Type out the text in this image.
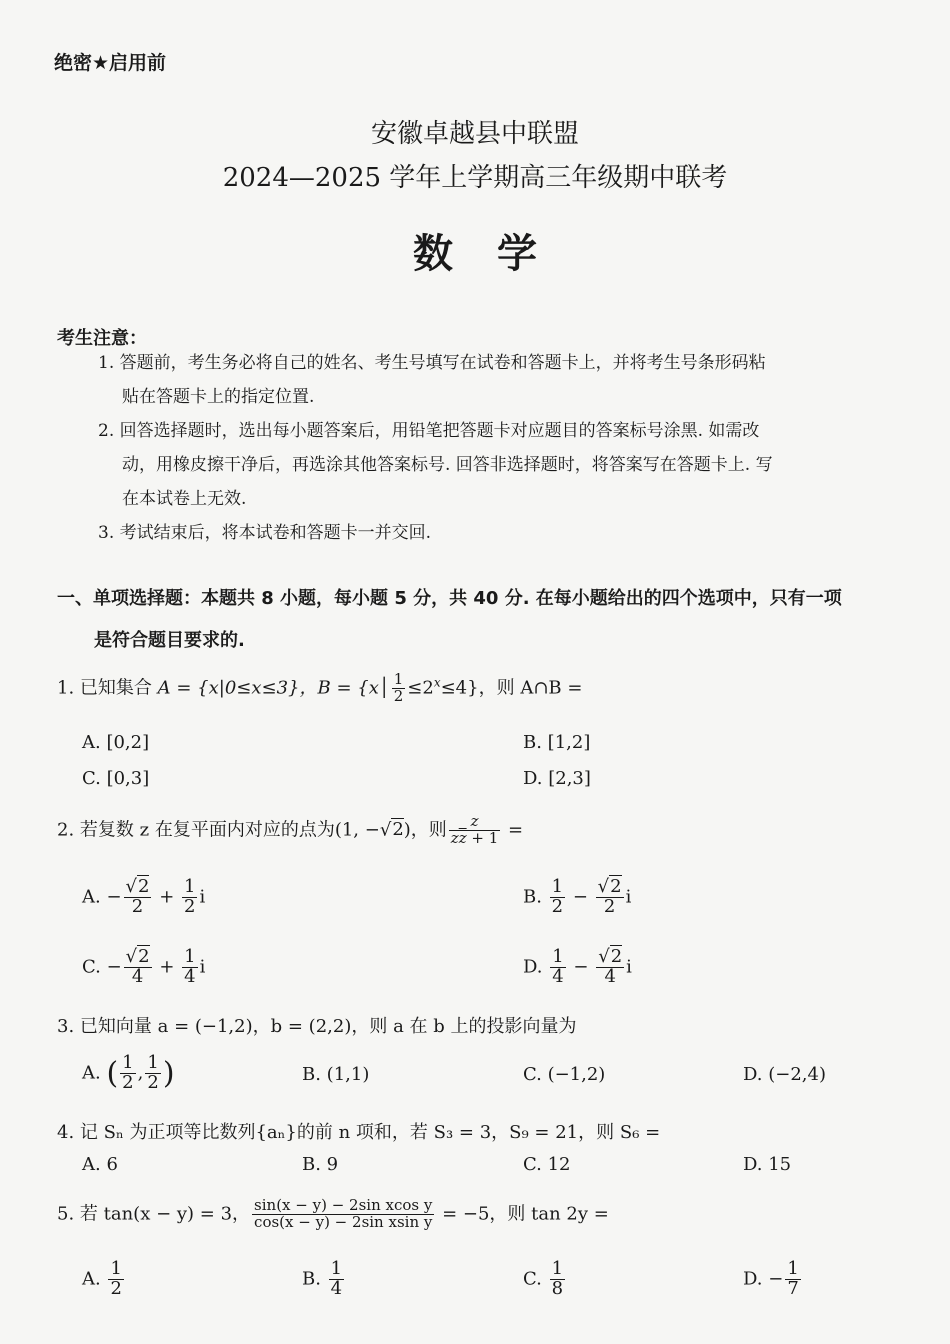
绝密★启用前
安徽卓越县中联盟
2024—2025 学年上学期高三年级期中联考
数学
考生注意：
1. 答题前，考生务必将自己的姓名、考生号填写在试卷和答题卡上，并将考生号条形码粘
贴在答题卡上的指定位置.
2. 回答选择题时，选出每小题答案后，用铅笔把答题卡对应题目的答案标号涂黑. 如需改
动，用橡皮擦干净后，再选涂其他答案标号. 回答非选择题时，将答案写在答题卡上. 写
在本试卷上无效.
3. 考试结束后，将本试卷和答题卡一并交回.
一、单项选择题：本题共 8 小题，每小题 5 分，共 40 分. 在每小题给出的四个选项中，只有一项
是符合题目要求的.
1. 已知集合 A = {x|0≤x≤3}，B = {x│ $\frac{1}{2} \le 2^x\le 4$}，则 A∩B =
A. [0,2]	B. [1,2]
C. [0,3]	D. [2,3]
2. 若复数 z 在复平面内对应的点为(1, −√2)，则 $\frac{z}{z\overline{z} + 1}$ =
A. − $\frac{√2}{2} + \frac{1}{2}$ i	B. $\frac{1}{2} - \frac{√2}{2}$ i
C. − $\frac{√2}{4} + \frac{1}{4}$ i	D. $\frac{1}{4} - \frac{√2}{4}$ i
3. 已知向量 a = (−1,2)，b = (2,2)，则 a 在 b 上的投影向量为
A. ( $\frac{1}{2}$ , $\frac{1}{2}$ )	B. (1,1)	C. (−1,2)	D. (−2,4)
4. 记 Sₙ 为正项等比数列{aₙ}的前 n 项和，若 S₃ = 3，S₉ = 21，则 S₆ =
A. 6	B. 9	C. 12	D. 15
5. 若 tan(x − y) = 3， $\frac{\text{sin(x − y) − 2sin xcos y}}{\text{cos(x − y) − 2sin xsin y}} = -5$，则 tan 2y =
A. $\frac{1}{2}$	B. $\frac{1}{4}$	C. $\frac{1}{8}$	D. − $\frac{1}{7}$
